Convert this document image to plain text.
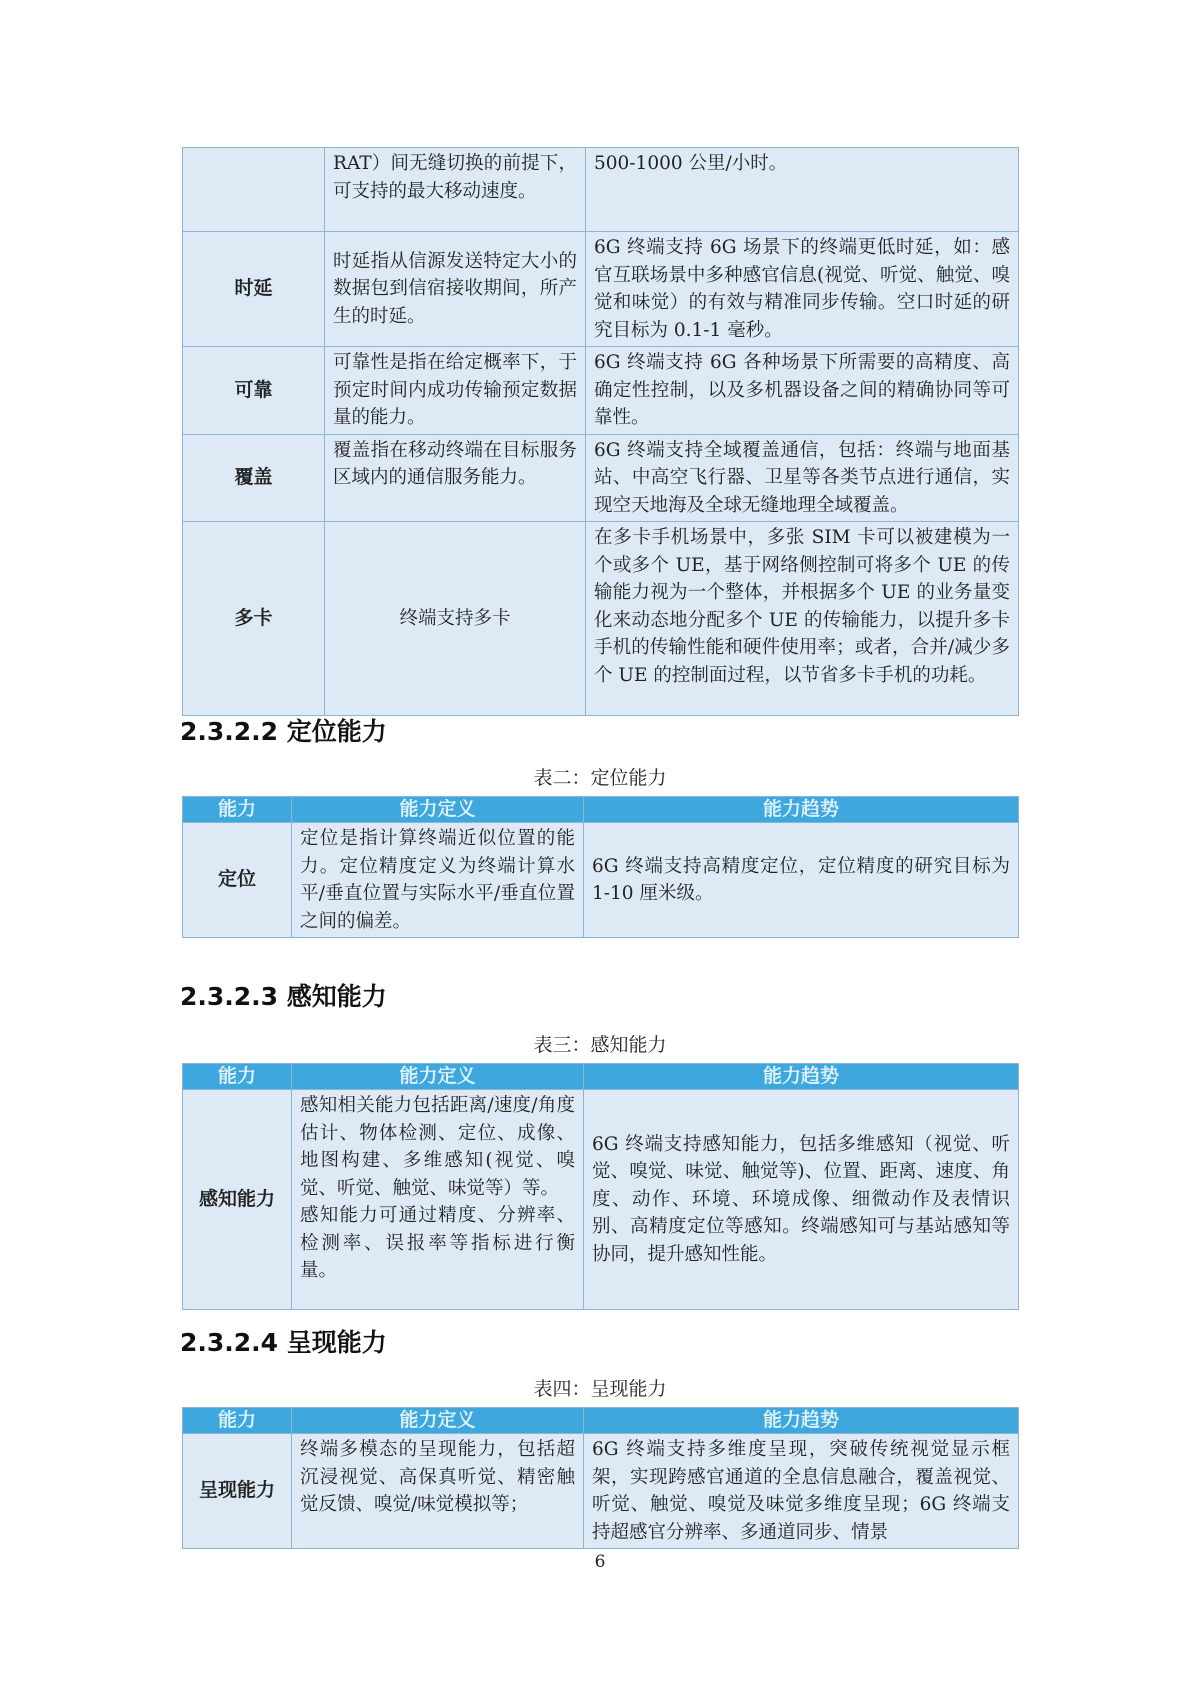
	RAT）间无缝切换的前提下，可支持的最大移动速度。	500-1000 公里/小时。
时延	时延指从信源发送特定大小的数据包到信宿接收期间，所产生的时延。	6G 终端支持 6G 场景下的终端更低时延，如：感官互联场景中多种感官信息(视觉、听觉、触觉、嗅觉和味觉）的有效与精准同步传输。空口时延的研究目标为 0.1-1 毫秒。
可靠	可靠性是指在给定概率下，于预定时间内成功传输预定数据量的能力。	6G 终端支持 6G 各种场景下所需要的高精度、高确定性控制，以及多机器设备之间的精确协同等可靠性。
覆盖	覆盖指在移动终端在目标服务区域内的通信服务能力。	6G 终端支持全域覆盖通信，包括：终端与地面基站、中高空飞行器、卫星等各类节点进行通信，实现空天地海及全球无缝地理全域覆盖。
多卡	终端支持多卡	在多卡手机场景中，多张 SIM 卡可以被建模为一个或多个 UE，基于网络侧控制可将多个 UE 的传输能力视为一个整体，并根据多个 UE 的业务量变化来动态地分配多个 UE 的传输能力，以提升多卡手机的传输性能和硬件使用率；或者，合并/减少多个 UE 的控制面过程，以节省多卡手机的功耗。
2.3.2.2 定位能力

表二：定位能力

能力	能力定义	能力趋势
定位	定位是指计算终端近似位置的能力。定位精度定义为终端计算水平/垂直位置与实际水平/垂直位置之间的偏差。	6G 终端支持高精度定位，定位精度的研究目标为 1-10 厘米级。
2.3.2.3 感知能力

表三：感知能力

能力	能力定义	能力趋势
感知能力	感知相关能力包括距离/速度/角度估计、物体检测、定位、成像、地图构建、多维感知(视觉、嗅觉、听觉、触觉、味觉等）等。
感知能力可通过精度、分辨率、检测率、误报率等指标进行衡量。	6G 终端支持感知能力，包括多维感知（视觉、听觉、嗅觉、味觉、触觉等)、位置、距离、速度、角度、动作、环境、环境成像、细微动作及表情识别、高精度定位等感知。终端感知可与基站感知等协同，提升感知性能。
2.3.2.4 呈现能力

表四：呈现能力

能力	能力定义	能力趋势
呈现能力	终端多模态的呈现能力，包括超沉浸视觉、高保真听觉、精密触觉反馈、嗅觉/味觉模拟等；	6G 终端支持多维度呈现，突破传统视觉显示框架，实现跨感官通道的全息信息融合，覆盖视觉、听觉、触觉、嗅觉及味觉多维度呈现；6G 终端支持超感官分辨率、多通道同步、情景

6
